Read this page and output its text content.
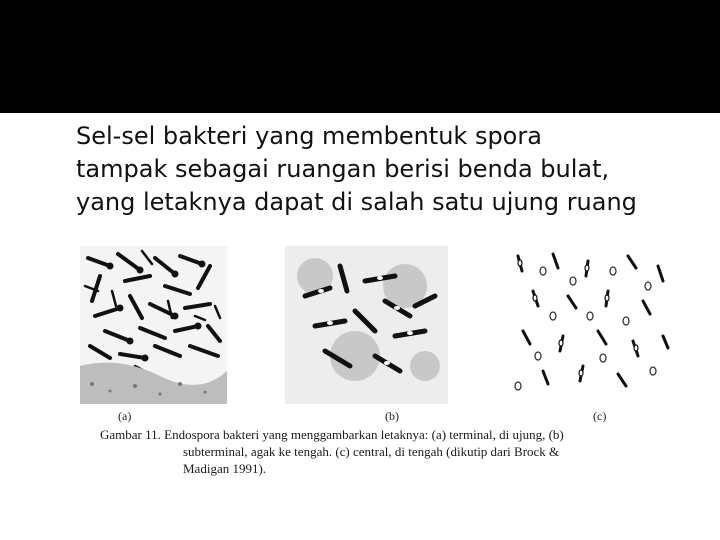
Sel-sel bakteri yang membentuk spora
tampak sebagai ruangan berisi benda bulat,
yang letaknya dapat di salah satu ujung ruang
(a)	(b)	(c)
Gambar 11. Endospora bakteri yang menggambarkan letaknya: (a) terminal, di ujung, (b)
subterminal, agak ke tengah. (c) central, di tengah (dikutip dari Brock &
Madigan 1991).
